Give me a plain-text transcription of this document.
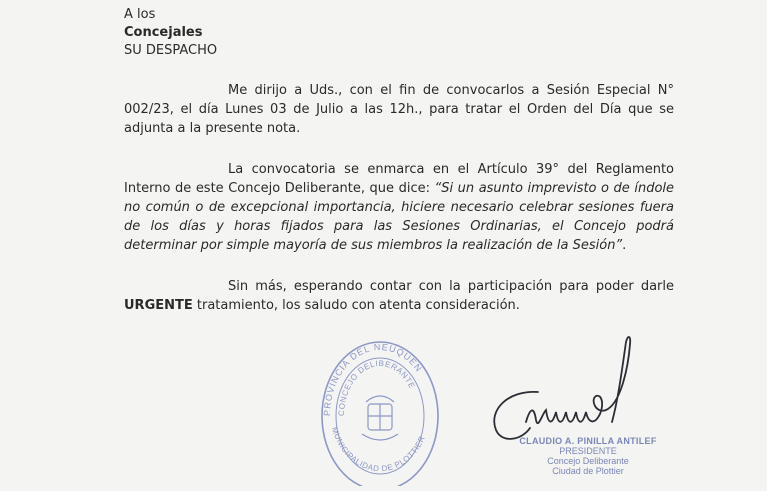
A los
Concejales
SU DESPACHO
Me dirijo a Uds., con el fin de convocarlos a Sesión Especial N° 002/23, el día Lunes 03 de Julio a las 12h., para tratar el Orden del Día que se adjunta a la presente nota.
La convocatoria se enmarca en el Artículo 39° del Reglamento Interno de este Concejo Deliberante, que dice: “Si un asunto imprevisto o de índole no común o de excepcional importancia, hiciere necesario celebrar sesiones fuera de los días y horas fijados para las Sesiones Ordinarias, el Concejo podrá determinar por simple mayoría de sus miembros la realización de la Sesión”.
Sin más, esperando contar con la participación para poder darle URGENTE tratamiento, los saludo con atenta consideración.
PROVINCIA DEL NEUQUEN
CONCEJO DELIBERANTE
MUNICIPALIDAD DE PLOTTIER	CLAUDIO A. PINILLA ANTILEF
PRESIDENTE
Concejo Deliberante
Ciudad de Plottier
